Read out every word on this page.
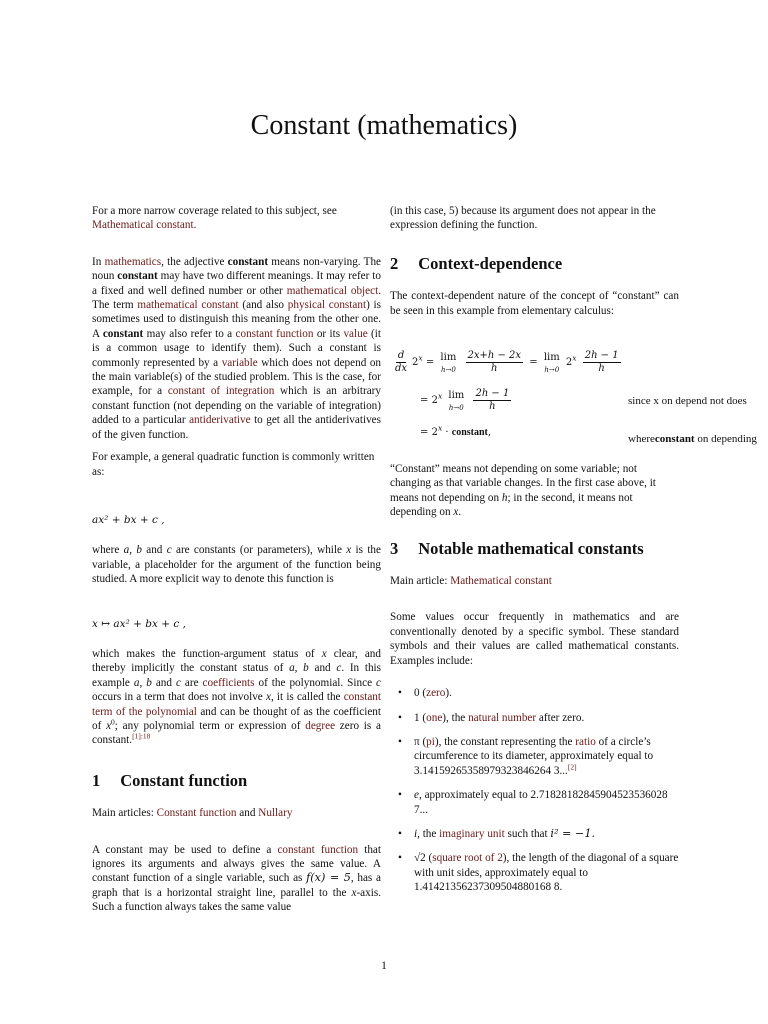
Constant (mathematics)

For a more narrow coverage related to this subject, see Mathematical constant.

In mathematics, the adjective constant means non-varying. The noun constant may have two different meanings. It may refer to a fixed and well defined number or other mathematical object. The term mathematical constant (and also physical constant) is sometimes used to distinguish this meaning from the other one. A constant may also refer to a constant function or its value (it is a common usage to identify them). Such a constant is commonly represented by a variable which does not depend on the main variable(s) of the studied problem. This is the case, for example, for a constant of integration which is an arbitrary constant function (not depending on the variable of integration) added to a particular antiderivative to get all the antiderivatives of the given function.

For example, a general quadratic function is commonly written as:

ax² + bx + c ,

where a, b and c are constants (or parameters), while x is the variable, a placeholder for the argument of the function being studied. A more explicit way to denote this function is

x ↦ ax² + bx + c ,

which makes the function-argument status of x clear, and thereby implicitly the constant status of a, b and c. In this example a, b and c are coefficients of the polynomial. Since c occurs in a term that does not involve x, it is called the constant term of the polynomial and can be thought of as the coefficient of $x^0$; any polynomial term or expression of degree zero is a constant.$^{[1]:18}$

1 Constant function

Main articles: Constant function and Nullary

A constant may be used to define a constant function that ignores its arguments and always gives the same value. A constant function of a single variable, such as f(x) = 5, has a graph that is a horizontal straight line, parallel to the x-axis. Such a function always takes the same value

(in this case, 5) because its argument does not appear in the expression defining the function.

2 Context-dependence

The context-dependent nature of the concept of “constant” can be seen in this example from elementary calculus:

$\frac{d}{dx} 2^x = \lim$
h→0
$\frac{2x+h - 2x}{h} = \lim$
h→0
$2^x \frac{2h - 1}{h}$
= $2^x$ lim
h→0
$\frac{2h - 1}{h}$	since x on depend not does
= $2^x$ · constant,
whereconstant on depending

“Constant” means not depending on some variable; not changing as that variable changes. In the first case above, it means not depending on h; in the second, it means not depending on x.

3 Notable mathematical constants

Main article: Mathematical constant

Some values occur frequently in mathematics and are conventionally denoted by a specific symbol. These standard symbols and their values are called mathematical constants. Examples include:

• 0 (zero).
• 1 (one), the natural number after zero.
• π (pi), the constant representing the ratio of a circle’s circumference to its diameter, approximately equal to 3.14159265358979323846264 3...[2]
• e, approximately equal to 2.71828182845904523536028 7...
• i, the imaginary unit such that i² = −1.
• √2 (square root of 2), the length of the diagonal of a square with unit sides, approximately equal to 1.41421356237309504880168 8.
1
